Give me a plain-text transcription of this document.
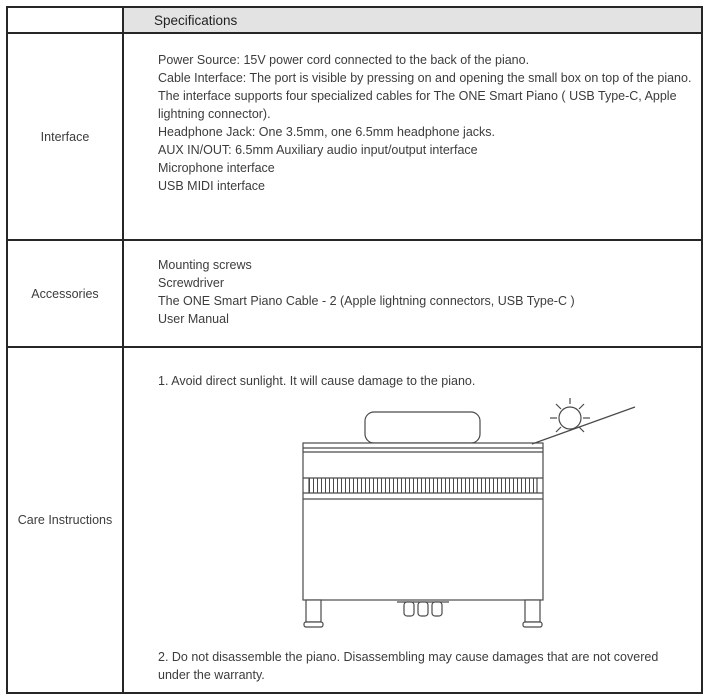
Specifications
Interface

Power Source: 15V power cord connected to the back of the piano.

Cable Interface: The port is visible by pressing on and opening the small box on top of the piano.

The interface supports four specialized cables for The ONE Smart Piano ( USB Type-C, Apple lightning connector).

Headphone Jack: One 3.5mm, one 6.5mm headphone jacks.

AUX IN/OUT: 6.5mm Auxiliary audio input/output interface

Microphone interface

USB MIDI interface

Accessories

Mounting screws

Screwdriver

The ONE Smart Piano Cable - 2 (Apple lightning connectors, USB Type-C )

User Manual

Care Instructions

1. Avoid direct sunlight. It will cause damage to the piano.

2. Do not disassemble the piano. Disassembling may cause damages that are not covered under the warranty.
